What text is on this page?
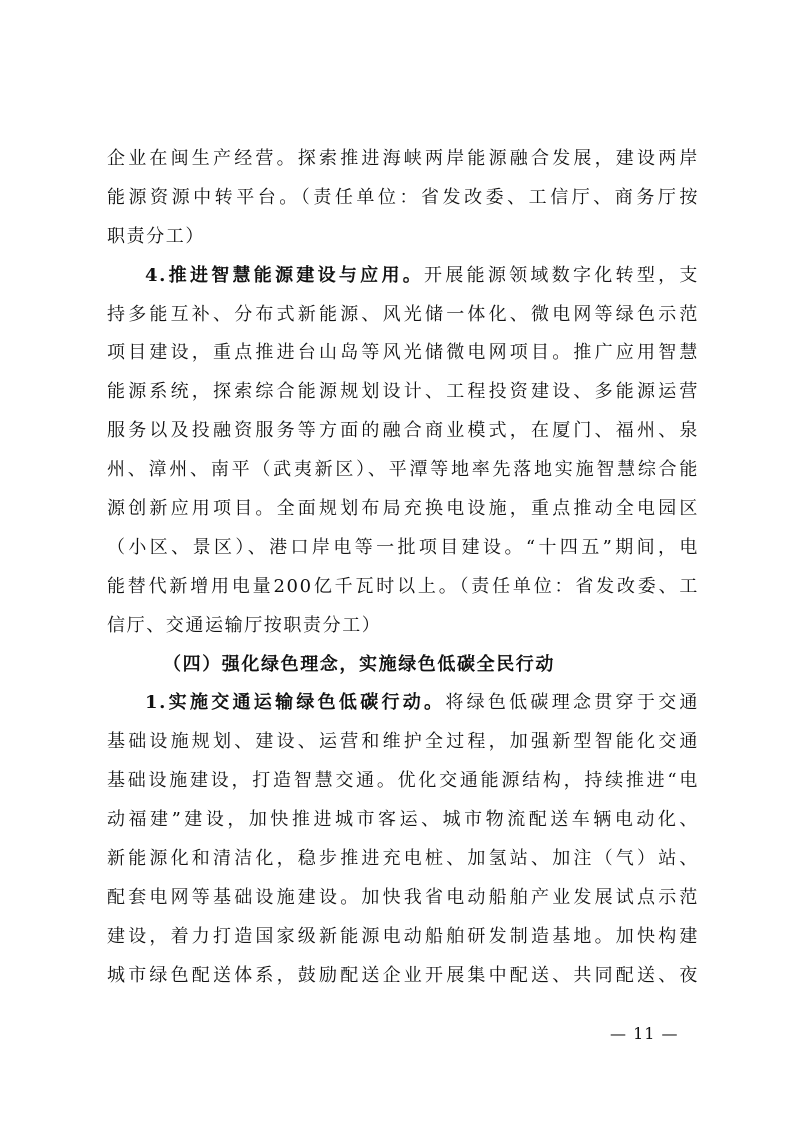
企业在闽生产经营。探索推进海峡两岸能源融合发展，建设两岸
能源资源中转平台。（责任单位：省发改委、工信厅、商务厅按
职责分工）
4.推进智慧能源建设与应用。开展能源领域数字化转型，支
持多能互补、分布式新能源、风光储一体化、微电网等绿色示范
项目建设，重点推进台山岛等风光储微电网项目。推广应用智慧
能源系统，探索综合能源规划设计、工程投资建设、多能源运营
服务以及投融资服务等方面的融合商业模式，在厦门、福州、泉
州、漳州、南平（武夷新区）、平潭等地率先落地实施智慧综合能
源创新应用项目。全面规划布局充换电设施，重点推动全电园区
（小区、景区）、港口岸电等一批项目建设。“十四五”期间，电
能替代新增用电量200亿千瓦时以上。（责任单位：省发改委、工
信厅、交通运输厅按职责分工）
（四）强化绿色理念，实施绿色低碳全民行动
1.实施交通运输绿色低碳行动。将绿色低碳理念贯穿于交通
基础设施规划、建设、运营和维护全过程，加强新型智能化交通
基础设施建设，打造智慧交通。优化交通能源结构，持续推进“电
动福建”建设，加快推进城市客运、城市物流配送车辆电动化、
新能源化和清洁化，稳步推进充电桩、加氢站、加注（气）站、
配套电网等基础设施建设。加快我省电动船舶产业发展试点示范
建设，着力打造国家级新能源电动船舶研发制造基地。加快构建
城市绿色配送体系，鼓励配送企业开展集中配送、共同配送、夜
— 11 —
